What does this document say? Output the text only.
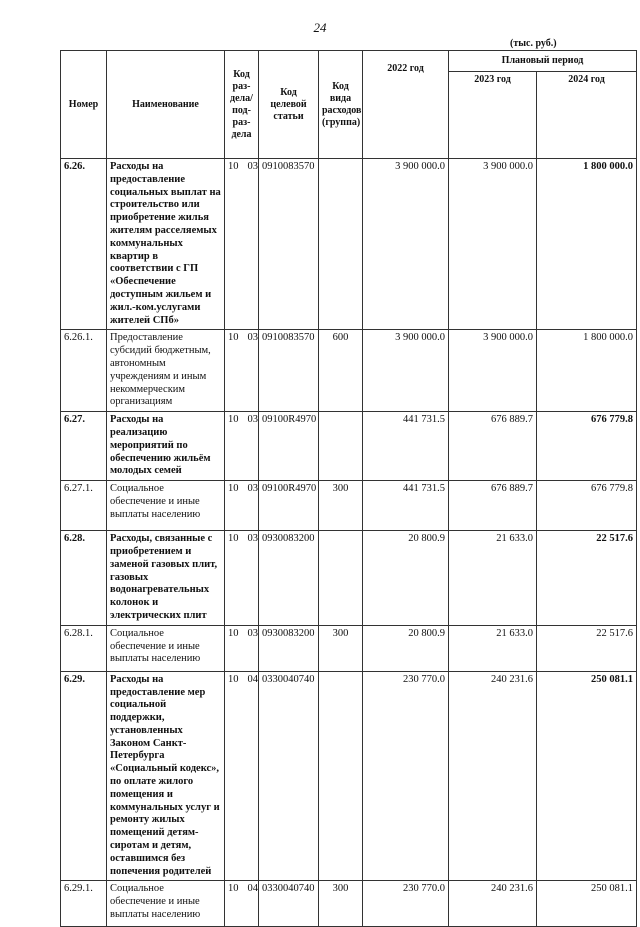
24
(тыс. руб.)
Номер	Наименование	Код раз-дела/ под-раз-дела	Код целевой статьи	Код вида расходов (группа)	2022 год	Плановый период	
						2023 год	2024 год
6.26.	Расходы на предоставление социальных выплат на строительство или приобретение жилья жителям расселяемых коммунальных квартир в соответствии с ГП «Обеспечение доступным жильем и жил.-ком.услугами жителей СПб»	10 03	0910083570		3 900 000.0	3 900 000.0	1 800 000.0
6.26.1.	Предоставление субсидий бюджетным, автономным учреждениям и иным некоммерческим организациям	10 03	0910083570	600	3 900 000.0	3 900 000.0	1 800 000.0
6.27.	Расходы на реализацию мероприятий по обеспечению жильём молодых семей	10 03	09100R4970		441 731.5	676 889.7	676 779.8
6.27.1.	Социальное обеспечение и иные выплаты населению	10 03	09100R4970	300	441 731.5	676 889.7	676 779.8
6.28.	Расходы, связанные с приобретением и заменой газовых плит, газовых водонагревательных колонок и электрических плит	10 03	0930083200		20 800.9	21 633.0	22 517.6
6.28.1.	Социальное обеспечение и иные выплаты населению	10 03	0930083200	300	20 800.9	21 633.0	22 517.6
6.29.	Расходы на предоставление мер социальной поддержки, установленных Законом Санкт-Петербурга «Социальный кодекс», по оплате жилого помещения и коммунальных услуг и ремонту жилых помещений детям-сиротам и детям, оставшимся без попечения родителей	10 04	0330040740		230 770.0	240 231.6	250 081.1
6.29.1.	Социальное обеспечение и иные выплаты населению	10 04	0330040740	300	230 770.0	240 231.6	250 081.1
